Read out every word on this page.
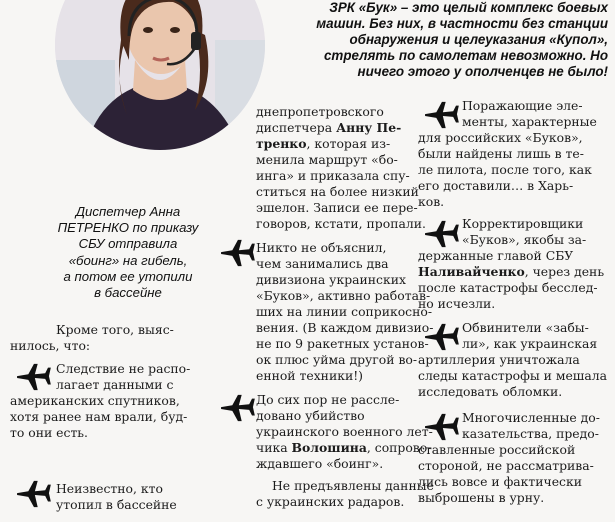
ЗРК «Бук» – это целый комплекс боевых
машин. Без них, в частности без станции
обнаружения и целеуказания «Купол»,
стрелять по самолетам невозможно. Но
ничего этого у ополченцев не было!
Диспетчер Анна
ПЕТРЕНКО по приказу
СБУ отправила
«боинг» на гибель,
а потом ее утопили
в бассейне
Кроме того, выяс-
нилось, что:
Следствие не распо-
лагает данными с
американских спутников,
хотя ранее нам врали, буд-
то они есть.
Неизвестно, кто
утопил в бассейне
днепропетровского
диспетчера Анну Пе-
тренко, которая из-
менила маршрут «бо-
инга» и приказала спу-
ститься на более низкий
эшелон. Записи ее пере-
говоров, кстати, пропали.
Никто не объяснил,
чем занимались два
дивизиона украинских
«Буков», активно работав-
ших на линии соприкосно-
вения. (В каждом дивизио-
не по 9 ракетных установ-
ок плюс уйма другой во-
енной техники!)
До сих пор не рассле-
довано убийство
украинского военного лет-
чика Волошина, сопрово-
ждавшего «боинг».
Не предъявлены данные
с украинских радаров.
Поражающие эле-
менты, характерные
для российских «Буков»,
были найдены лишь в те-
ле пилота, после того, как
его доставили… в Харь-
ков.
Корректировщики
«Буков», якобы за-
держанные главой СБУ
Наливайченко, через день
после катастрофы бесслед-
но исчезли.
Обвинители «забы-
ли», как украинская
артиллерия уничтожала
следы катастрофы и мешала
исследовать обломки.
Многочисленные до-
казательства, предо-
ставленные российской
стороной, не рассматрива-
лись вовсе и фактически
выброшены в урну.
